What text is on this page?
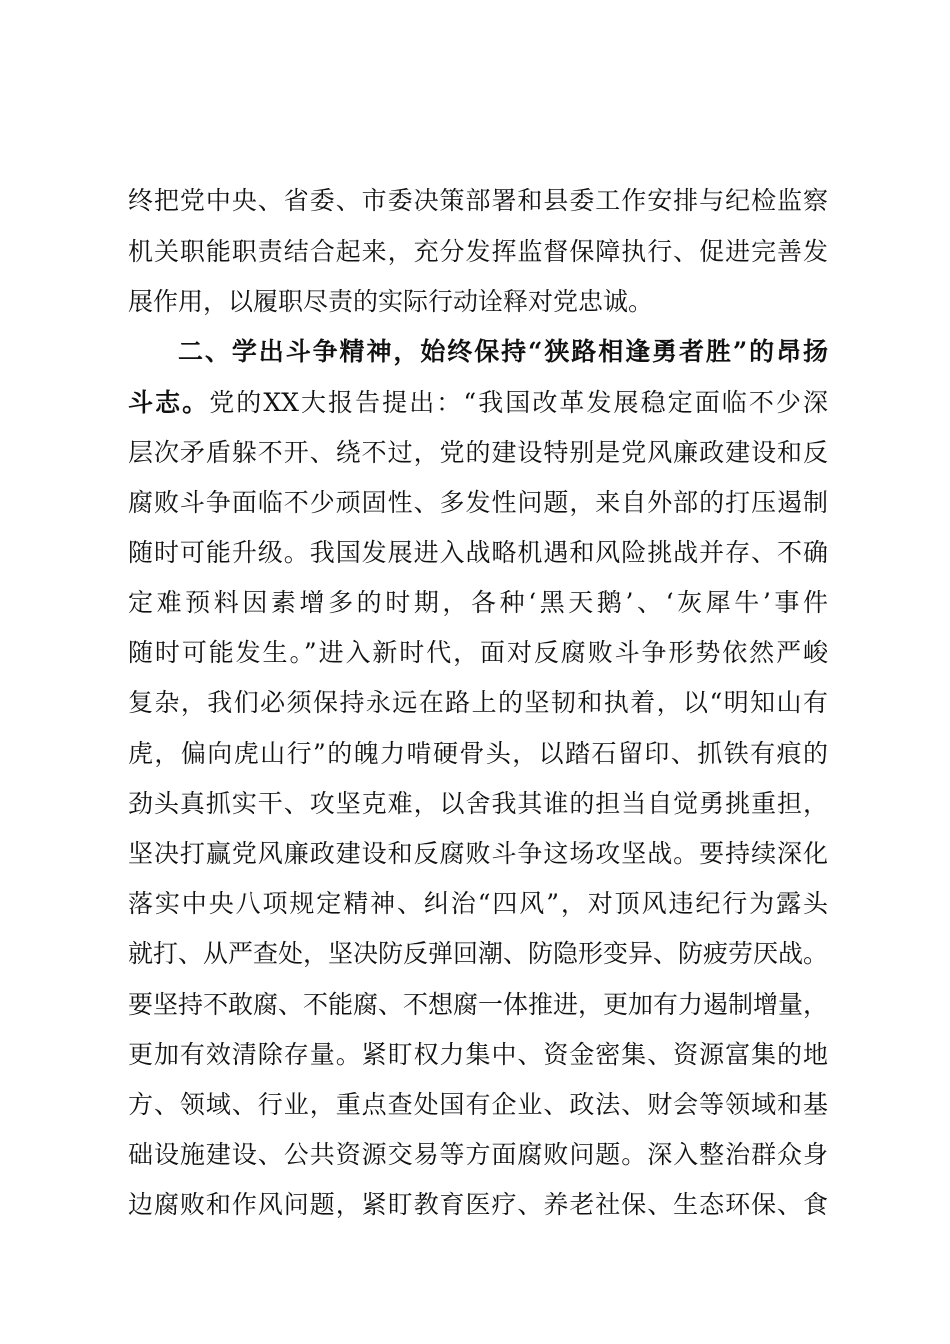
终把党中央、省委、市委决策部署和县委工作安排与纪检监察
机关职能职责结合起来，充分发挥监督保障执行、促进完善发
展作用，以履职尽责的实际行动诠释对党忠诚。
二、学出斗争精神，始终保持“狭路相逢勇者胜”的昂扬
斗志。党的XX大报告提出：“我国改革发展稳定面临不少深
层次矛盾躲不开、绕不过，党的建设特别是党风廉政建设和反
腐败斗争面临不少顽固性、多发性问题，来自外部的打压遏制
随时可能升级。我国发展进入战略机遇和风险挑战并存、不确
定难预料因素增多的时期，各种‘黑天鹅’、‘灰犀牛’事件
随时可能发生。”进入新时代，面对反腐败斗争形势依然严峻
复杂，我们必须保持永远在路上的坚韧和执着，以“明知山有
虎，偏向虎山行”的魄力啃硬骨头，以踏石留印、抓铁有痕的
劲头真抓实干、攻坚克难，以舍我其谁的担当自觉勇挑重担，
坚决打赢党风廉政建设和反腐败斗争这场攻坚战。要持续深化
落实中央八项规定精神、纠治“四风”，对顶风违纪行为露头
就打、从严查处，坚决防反弹回潮、防隐形变异、防疲劳厌战。
要坚持不敢腐、不能腐、不想腐一体推进，更加有力遏制增量，
更加有效清除存量。紧盯权力集中、资金密集、资源富集的地
方、领域、行业，重点查处国有企业、政法、财会等领域和基
础设施建设、公共资源交易等方面腐败问题。深入整治群众身
边腐败和作风问题，紧盯教育医疗、养老社保、生态环保、食
